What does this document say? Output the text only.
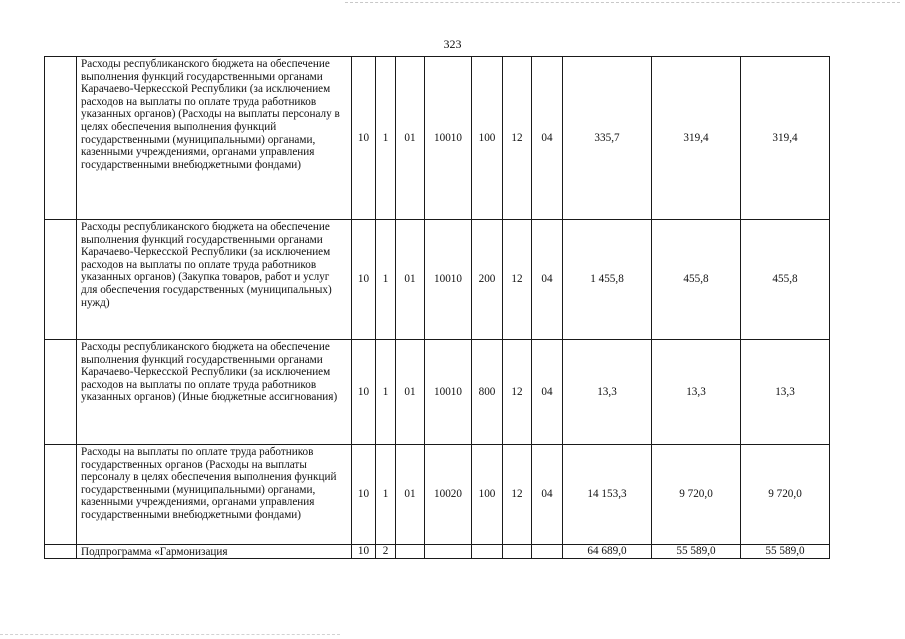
323
	Расходы республиканского бюджета на обеспечение выполнения функций государственными органами Карачаево-Черкесской Республики (за исключением расходов на выплаты по оплате труда работников указанных органов) (Расходы на выплаты персоналу в целях обеспечения выполнения функций государственными (муниципальными) органами, казенными учреждениями, органами управления государственными внебюджетными фондами)	10	1	01	10010	100	12	04	335,7	319,4	319,4
	Расходы республиканского бюджета на обеспечение выполнения функций государственными органами Карачаево-Черкесской Республики (за исключением расходов на выплаты по оплате труда работников указанных органов) (Закупка товаров, работ и услуг для обеспечения государственных (муниципальных) нужд)	10	1	01	10010	200	12	04	1 455,8	455,8	455,8
	Расходы республиканского бюджета на обеспечение выполнения функций государственными органами Карачаево-Черкесской Республики (за исключением расходов на выплаты по оплате труда работников указанных органов) (Иные бюджетные ассигнования)	10	1	01	10010	800	12	04	13,3	13,3	13,3
	Расходы на выплаты по оплате труда работников государственных органов (Расходы на выплаты персоналу в целях обеспечения выполнения функций государственными (муниципальными) органами, казенными учреждениями, органами управления государственными внебюджетными фондами)	10	1	01	10020	100	12	04	14 153,3	9 720,0	9 720,0
	Подпрограмма «Гармонизация	10	2						64 689,0	55 589,0	55 589,0
